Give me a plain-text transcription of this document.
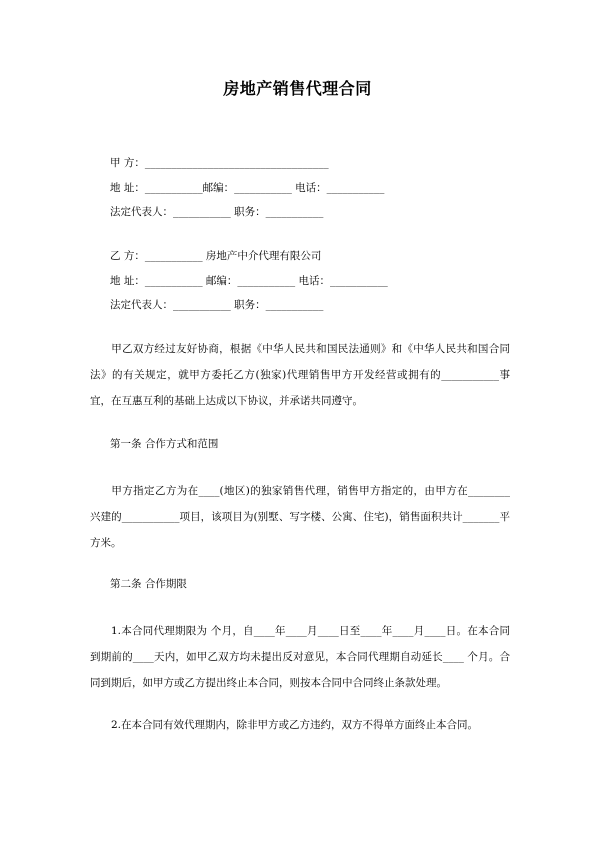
房地产销售代理合同
甲 方：___________________________________
地 址：___________邮编：___________ 电话：___________
法定代表人：___________ 职务：___________
乙 方：___________ 房地产中介代理有限公司
地 址：___________ 邮编：___________ 电话：___________
法定代表人：___________ 职务：___________
甲乙双方经过友好协商，根据《中华人民共和国民法通则》和《中华人民共和国合同法》的有关规定，就甲方委托乙方(独家)代理销售甲方开发经营或拥有的___________事宜，在互惠互利的基础上达成以下协议，并承诺共同遵守。
第一条 合作方式和范围
甲方指定乙方为在____(地区)的独家销售代理，销售甲方指定的，由甲方在________ 兴建的___________项目，该项目为(别墅、写字楼、公寓、住宅)，销售面积共计_______平方米。
第二条 合作期限
1.本合同代理期限为 个月，自____年____月____日至____年____月____日。在本合同到期前的____天内，如甲乙双方均未提出反对意见，本合同代理期自动延长____ 个月。合同到期后，如甲方或乙方提出终止本合同，则按本合同中合同终止条款处理。
2.在本合同有效代理期内，除非甲方或乙方违约，双方不得单方面终止本合同。
